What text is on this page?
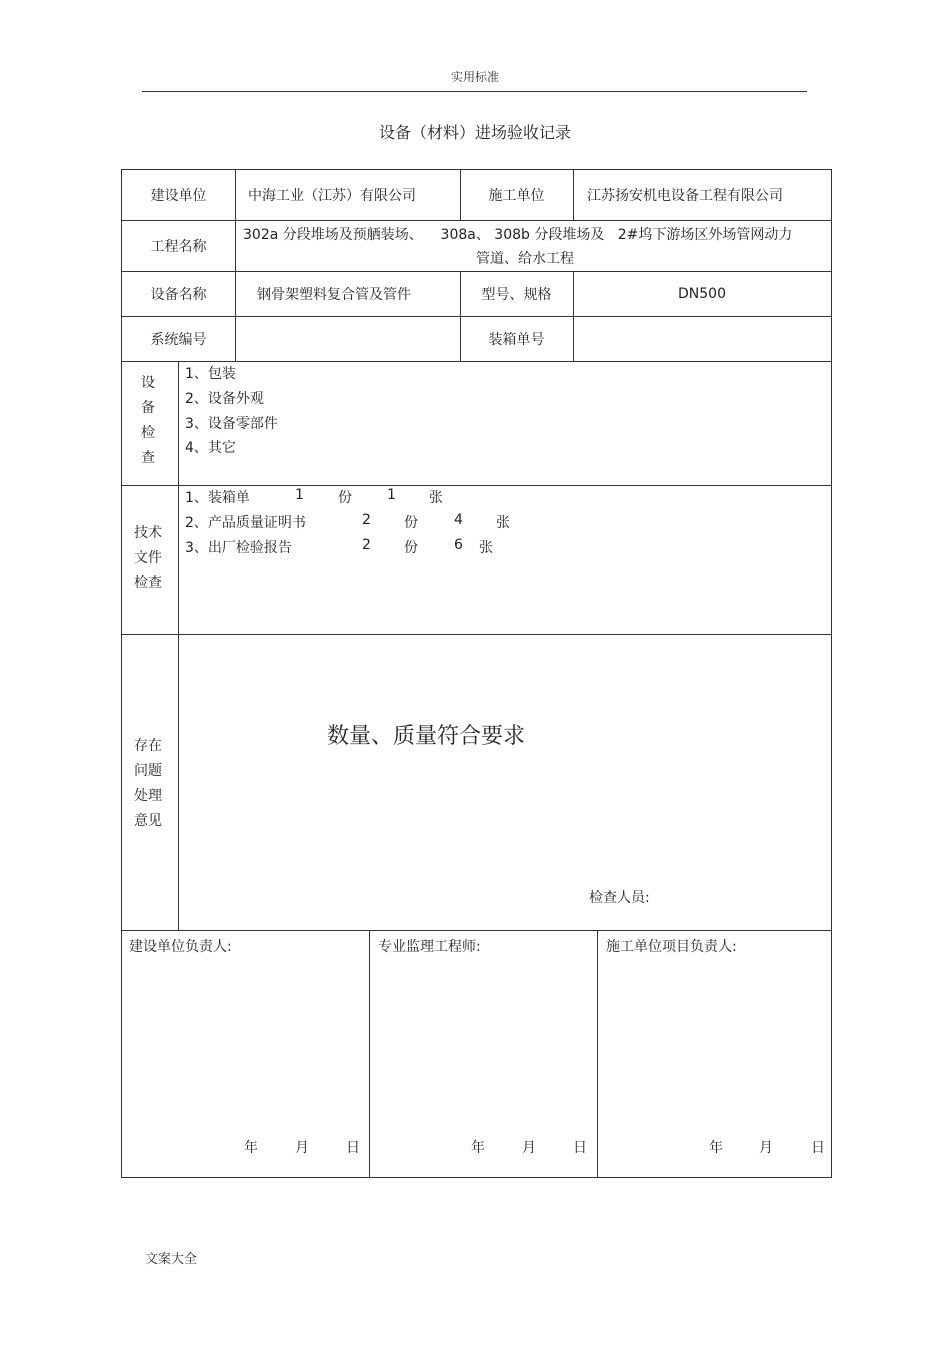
实用标准
设备（材料）进场验收记录
建设单位	中海工业（江苏）有限公司	施工单位	江苏扬安机电设备工程有限公司
工程名称
302a 分段堆场及预舾装场、    308a、 308b 分段堆场及   2#坞下游场区外场管网动力
管道、给水工程
设备名称	钢骨架塑料复合管及管件	型号、规格	DN500
系统编号	装箱单号
设
备
检
查
1、包装
2、设备外观
3、设备零部件
4、其它
技术
文件
检查
1、装箱单	1 份	1 张
2、产品质量证明书	2 份	4 张
3、出厂检验报告	2 份	6 张
存在
问题
处理
意见
数量、质量符合要求
检查人员:
建设单位负责人:	专业监理工程师:	施工单位项目负责人:
年	月	日	年	月	日	年	月	日
文案大全
